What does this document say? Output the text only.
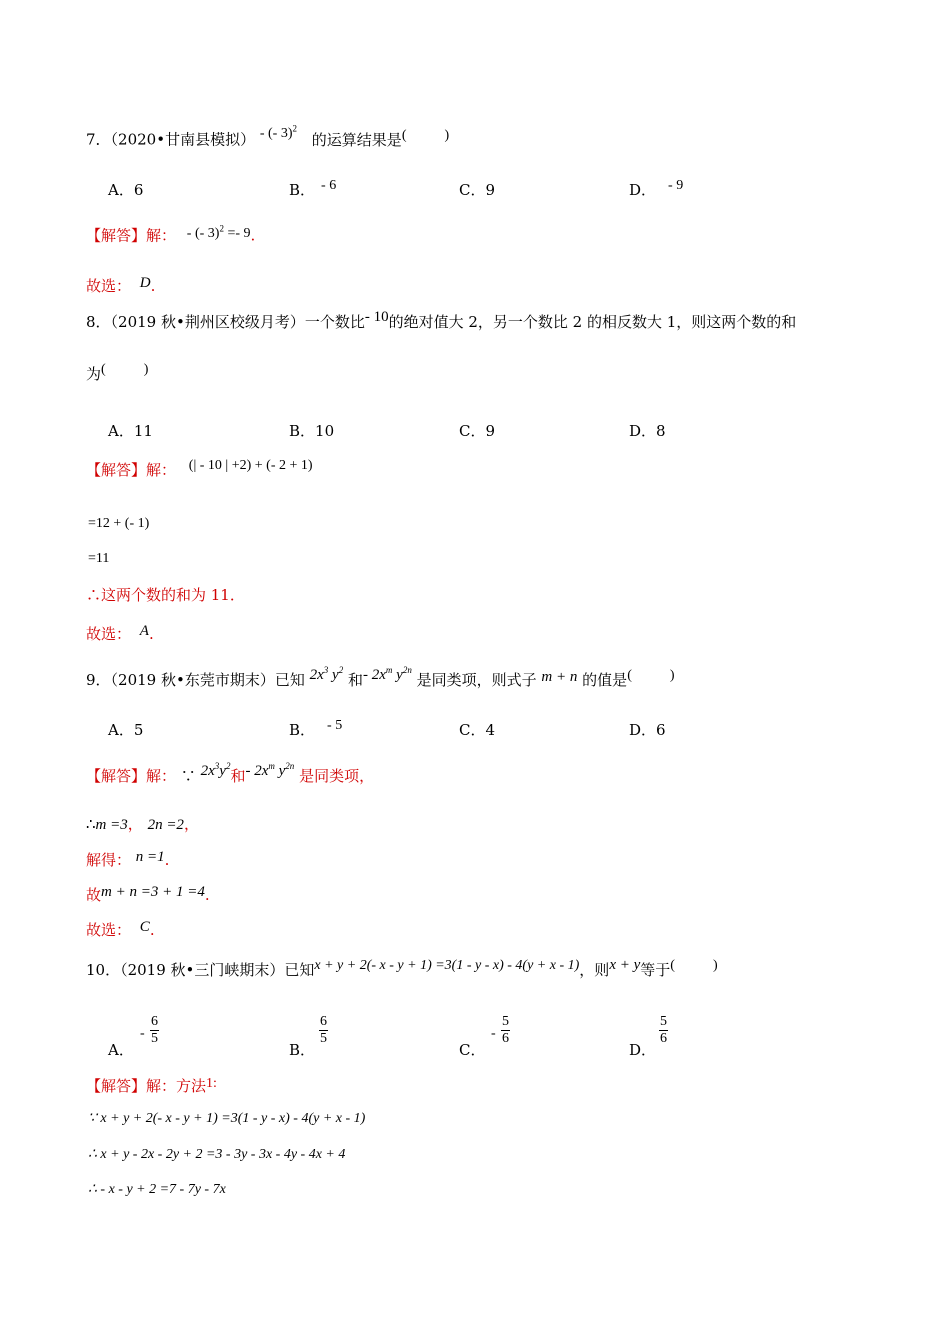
7．（2020•甘南县模拟） - (- 3)$^2$ 的运算结果是(	)
A．6	B． - 6	C．9	D． - 9
【解答】解： - (- 3)$^2$ =- 9.
故选： D.
8．（2019 秋•荆州区校级月考）一个数比- 10的绝对值大 2，另一个数比 2 的相反数大 1，则这两个数的和
为(	)
A．11	B．10	C．9	D．8
【解答】解： (| - 10 | +2) + (- 2 + 1)
=12 + (- 1)
=11
∴这两个数的和为 11．
故选： A.
9．（2019 秋•东莞市期末）已知 $2x^3$ $y^2$ 和- $2x^m$ $y^{2n}$ 是同类项，则式子 m + n 的值是(	)
A．5	B． - 5	C．4	D．6
【解答】解： ∵ $2x^3y^2$和- $2x^m$ $y^{2n}$ 是同类项，
∴m =3， 2n =2，
解得： n =1.
故m + n =3 + 1 =4.
故选： C.
10．（2019 秋•三门峡期末）已知x + y + 2(- x - y + 1) =3(1 - y - x) - 4(y + x - 1)，则x + y等于(	)
A．
- $\frac{6}{5}$
B．
$\frac{6}{5}$
C．
- $\frac{5}{6}$
D．
$\frac{5}{6}$
【解答】解：方法1:
∵ x + y + 2(- x - y + 1) =3(1 - y - x) - 4(y + x - 1)
∴ x + y - 2x - 2y + 2 =3 - 3y - 3x - 4y - 4x + 4
∴ - x - y + 2 =7 - 7y - 7x
